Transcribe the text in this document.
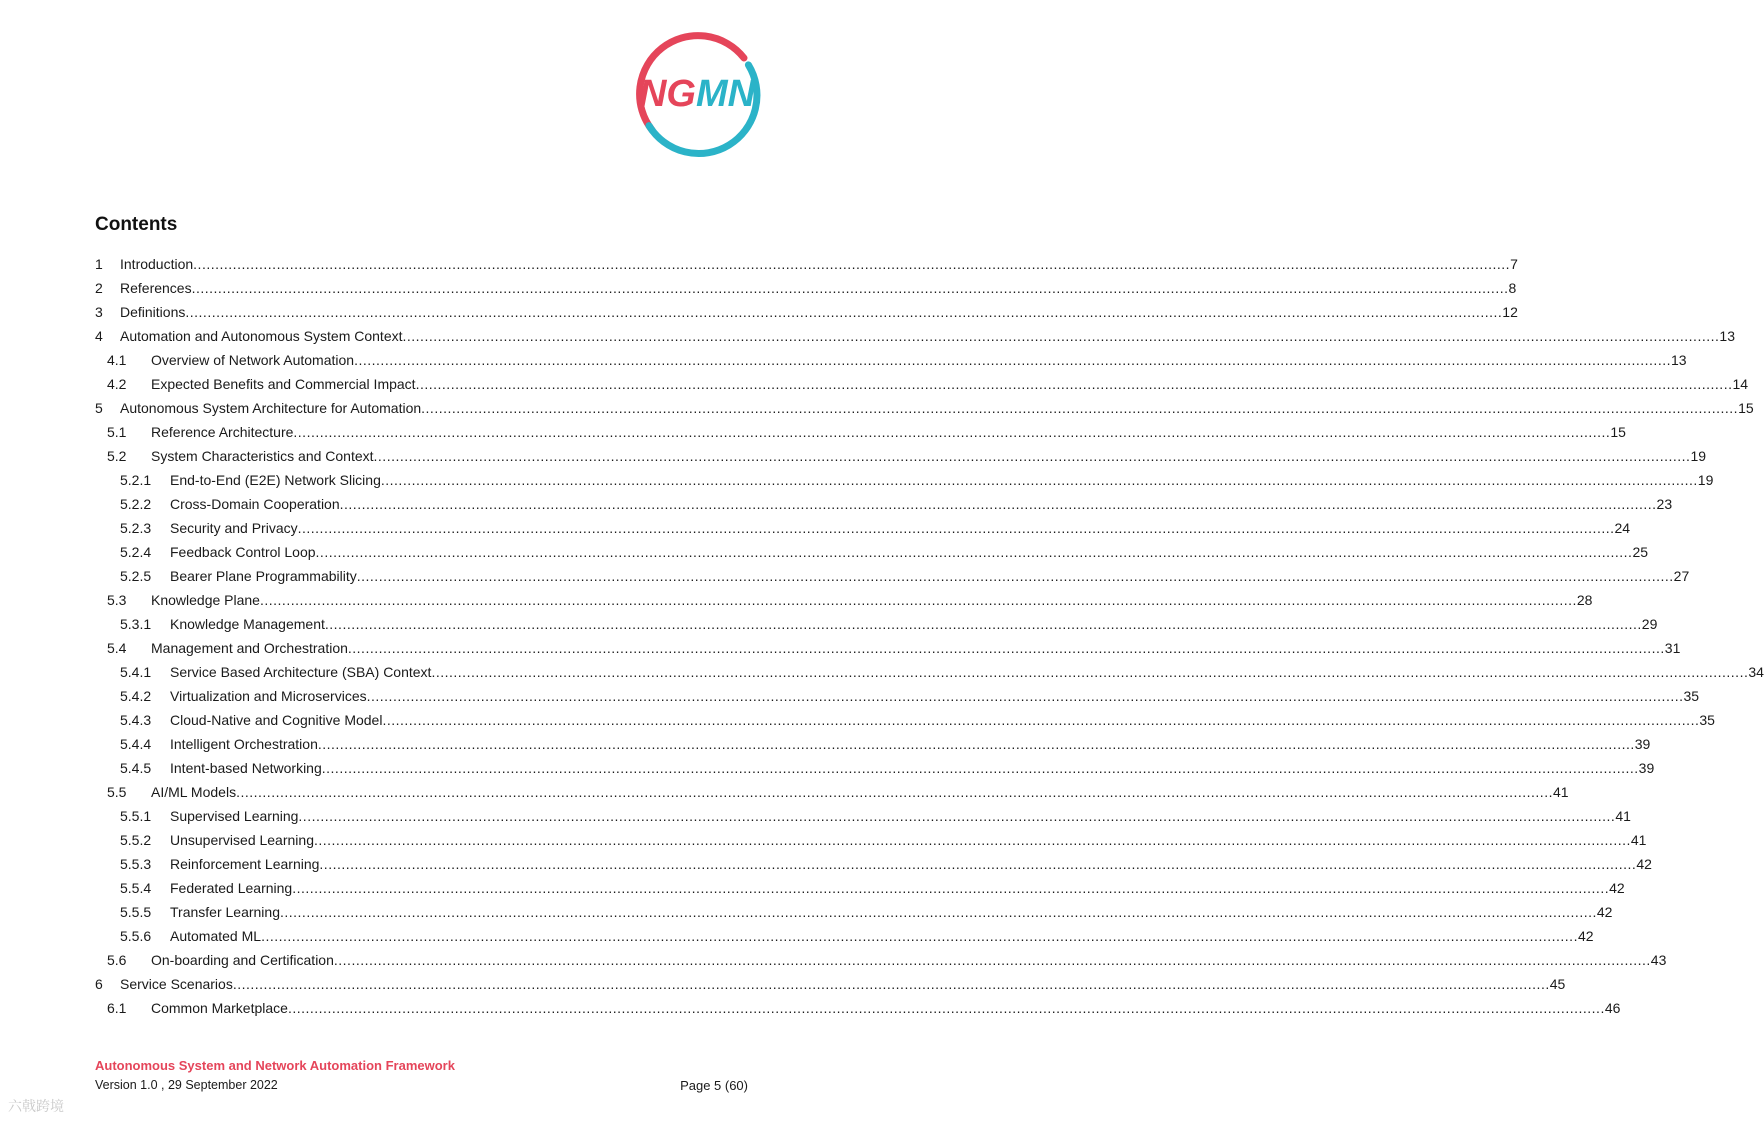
NGMN
Contents
1 Introduction ............................................................................................................................................................................................................................................................................................................ 7
2 References ............................................................................................................................................................................................................................................................................................................ 8
3 Definitions ............................................................................................................................................................................................................................................................................................................ 12
4 Automation and Autonomous System Context ............................................................................................................................................................................................................................................................................................................ 13
4.1 Overview of Network Automation ............................................................................................................................................................................................................................................................................................................ 13
4.2 Expected Benefits and Commercial Impact ............................................................................................................................................................................................................................................................................................................ 14
5 Autonomous System Architecture for Automation ............................................................................................................................................................................................................................................................................................................ 15
5.1 Reference Architecture ............................................................................................................................................................................................................................................................................................................ 15
5.2 System Characteristics and Context ............................................................................................................................................................................................................................................................................................................ 19
5.2.1 End-to-End (E2E) Network Slicing ............................................................................................................................................................................................................................................................................................................ 19
5.2.2 Cross-Domain Cooperation ............................................................................................................................................................................................................................................................................................................ 23
5.2.3 Security and Privacy ............................................................................................................................................................................................................................................................................................................ 24
5.2.4 Feedback Control Loop ............................................................................................................................................................................................................................................................................................................ 25
5.2.5 Bearer Plane Programmability ............................................................................................................................................................................................................................................................................................................ 27
5.3 Knowledge Plane ............................................................................................................................................................................................................................................................................................................ 28
5.3.1 Knowledge Management ............................................................................................................................................................................................................................................................................................................ 29
5.4 Management and Orchestration ............................................................................................................................................................................................................................................................................................................ 31
5.4.1 Service Based Architecture (SBA) Context ............................................................................................................................................................................................................................................................................................................ 34
5.4.2 Virtualization and Microservices ............................................................................................................................................................................................................................................................................................................ 35
5.4.3 Cloud-Native and Cognitive Model ............................................................................................................................................................................................................................................................................................................ 35
5.4.4 Intelligent Orchestration ............................................................................................................................................................................................................................................................................................................ 39
5.4.5 Intent-based Networking ............................................................................................................................................................................................................................................................................................................ 39
5.5 AI/ML Models ............................................................................................................................................................................................................................................................................................................ 41
5.5.1 Supervised Learning ............................................................................................................................................................................................................................................................................................................ 41
5.5.2 Unsupervised Learning ............................................................................................................................................................................................................................................................................................................ 41
5.5.3 Reinforcement Learning ............................................................................................................................................................................................................................................................................................................ 42
5.5.4 Federated Learning ............................................................................................................................................................................................................................................................................................................ 42
5.5.5 Transfer Learning ............................................................................................................................................................................................................................................................................................................ 42
5.5.6 Automated ML ............................................................................................................................................................................................................................................................................................................ 42
5.6 On-boarding and Certification ............................................................................................................................................................................................................................................................................................................ 43
6 Service Scenarios ............................................................................................................................................................................................................................................................................................................ 45
6.1 Common Marketplace ............................................................................................................................................................................................................................................................................................................ 46
Autonomous System and Network Automation Framework
Version 1.0 , 29 September 2022	Page 5 (60)
六戟跨境
